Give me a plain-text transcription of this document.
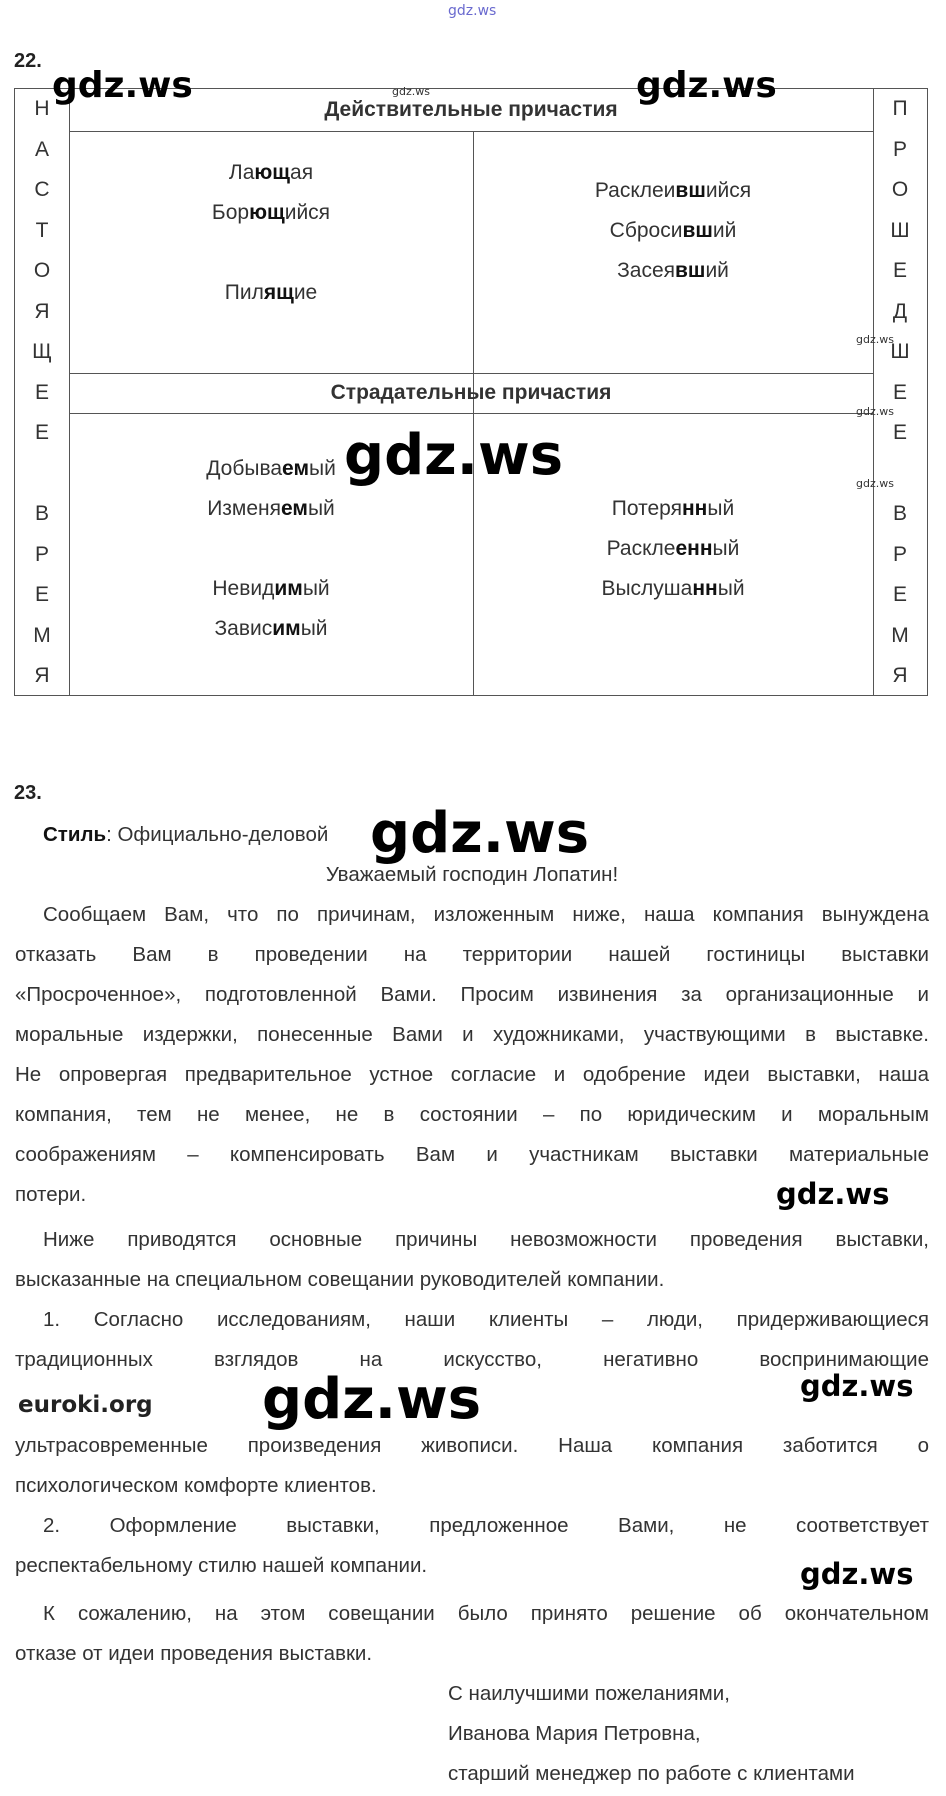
gdz.ws
22.
Н
А
С
Т
О
Я
Щ
Е
Е
В
Р
Е
М
Я
П
Р
О
Ш
Е
Д
Ш
Е
Е
В
Р
Е
М
Я
Действительные причастия
Страдательные причастия
Лающая
Борющийся
Пилящие
Расклеившийся
Сбросивший
Засеявший
Добываемый
Изменяемый
Невидимый
Зависимый
Потерянный
Расклеенный
Выслушанный
gdz.ws	gdz.ws
gdz.ws
gdz.ws
gdz.ws
gdz.ws
gdz.ws
23.
Стиль: Официально-деловой
Уважаемый господин Лопатин!
Сообщаем Вам, что по причинам, изложенным ниже, наша компания вынуждена
отказать Вам в проведении на территории нашей гостиницы выставки
«Просроченное», подготовленной Вами. Просим извинения за организационные и
моральные издержки, понесенные Вами и художниками, участвующими в выставке.
Не опровергая предварительное устное согласие и одобрение идеи выставки, наша
компания, тем не менее, не в состоянии – по юридическим и моральным
соображениям – компенсировать Вам и участникам выставки материальные
потери.
Ниже приводятся основные причины невозможности проведения выставки,
высказанные на специальном совещании руководителей компании.
1. Согласно исследованиям, наши клиенты – люди, придерживающиеся
традиционных взглядов на искусство, негативно воспринимающие
ультрасовременные произведения живописи. Наша компания заботится о
психологическом комфорте клиентов.
2. Оформление выставки, предложенное Вами, не соответствует
респектабельному стилю нашей компании.
К сожалению, на этом совещании было принято решение об окончательном
отказе от идеи проведения выставки.
С наилучшими пожеланиями,
Иванова Мария Петровна,
старший менеджер по работе с клиентами
gdz.ws
gdz.ws
euroki.org gdz.ws	gdz.ws
gdz.ws
